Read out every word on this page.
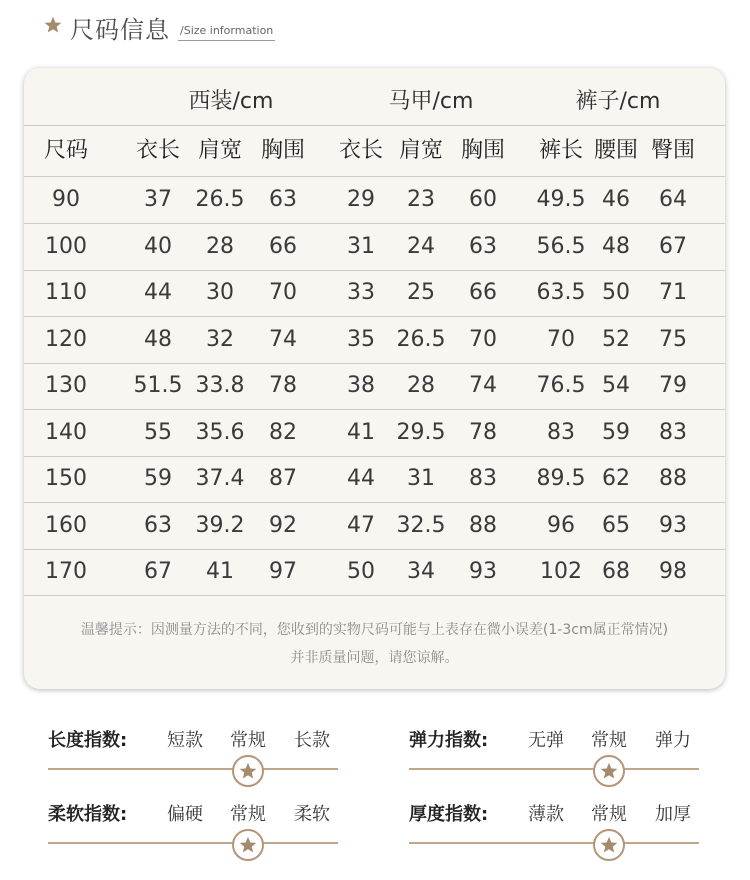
尺码信息 /Size information
西装/cm	马甲/cm	裤子/cm
尺码 衣长 肩宽 胸围 衣长 肩宽 胸围 裤长 腰围 臀围
90	37 26.5 63 29 23 60 49.5 46 64
100	40 28 66 31 24 63 56.5 48 67
110	44 30 70 33 25 66 63.5 50 71
120	48 32 74 35 26.5 70 70 52 75
130 51.5 33.8 78 38 28 74 76.5 54 79
140	55 35.6 82 41 29.5 78 83 59 83
150	59 37.4 87 44 31 83 89.5 62 88
160	63 39.2 92 47 32.5 88 96 65 93
170	67 41 97 50 34 93 102 68 98
温馨提示：因测量方法的不同，您收到的实物尺码可能与上表存在微小误差(1-3cm属正常情况)
并非质量问题，请您谅解。
长度指数: 短款 常规 长款	弹力指数: 无弹 常规 弹力
柔软指数: 偏硬 常规 柔软	厚度指数: 薄款 常规 加厚
